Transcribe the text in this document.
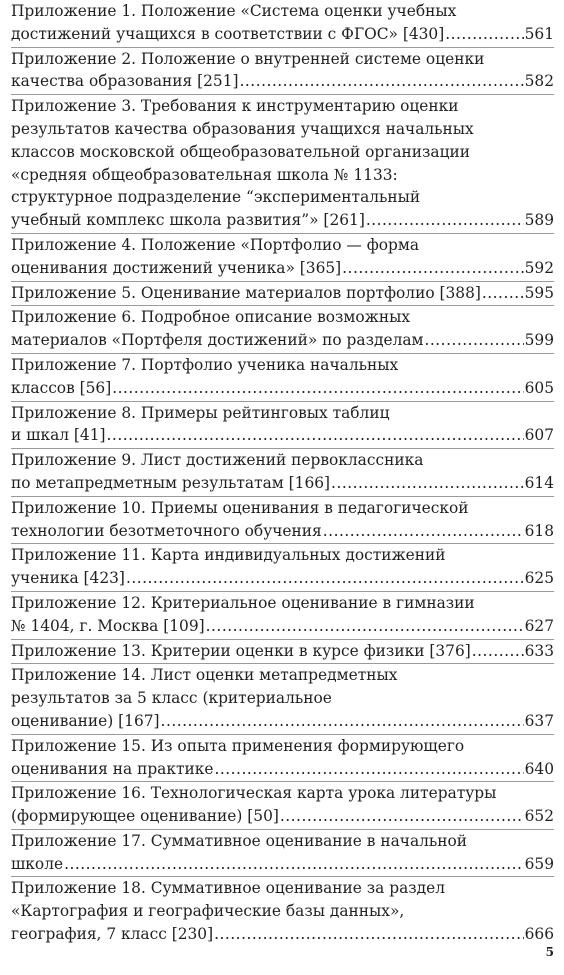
Приложение 1. Положение «Система оценки учебных
достижений учащихся в соответствии с ФГОС» [430] .....	561
Приложение 2. Положение о внутренней системе оценки
качества образования [251] .....	582
Приложение 3. Требования к инструментарию оценки
результатов качества образования учащихся начальных
классов московской общеобразовательной организации
«средняя общеобразовательная школа № 1133:
структурное подразделение “экспериментальный
учебный комплекс школа развития”» [261] .....	589
Приложение 4. Положение «Портфолио — форма
оценивания достижений ученика» [365] .....	592
Приложение 5. Оценивание материалов портфолио [388] .....	595
Приложение 6. Подробное описание возможных
материалов «Портфеля достижений» по разделам .....	599
Приложение 7. Портфолио ученика начальных
классов [56] .....	605
Приложение 8. Примеры рейтинговых таблиц
и шкал [41] .....	607
Приложение 9. Лист достижений первоклассника
по метапредметным результатам [166] .....	614
Приложение 10. Приемы оценивания в педагогической
технологии безотметочного обучения .....	618
Приложение 11. Карта индивидуальных достижений
ученика [423] .....	625
Приложение 12. Критериальное оценивание в гимназии
№ 1404, г. Москва [109] .....	627
Приложение 13. Критерии оценки в курсе физики [376] .....	633
Приложение 14. Лист оценки метапредметных
результатов за 5 класс (критериальное
оценивание) [167] .....	637
Приложение 15. Из опыта применения формирующего
оценивания на практике .....	640
Приложение 16. Технологическая карта урока литературы
(формирующее оценивание) [50] .....	652
Приложение 17. Суммативное оценивание в начальной
школе .....	659
Приложение 18. Суммативное оценивание за раздел
«Картография и географические базы данных»,
география, 7 класс [230] .....	666
5
